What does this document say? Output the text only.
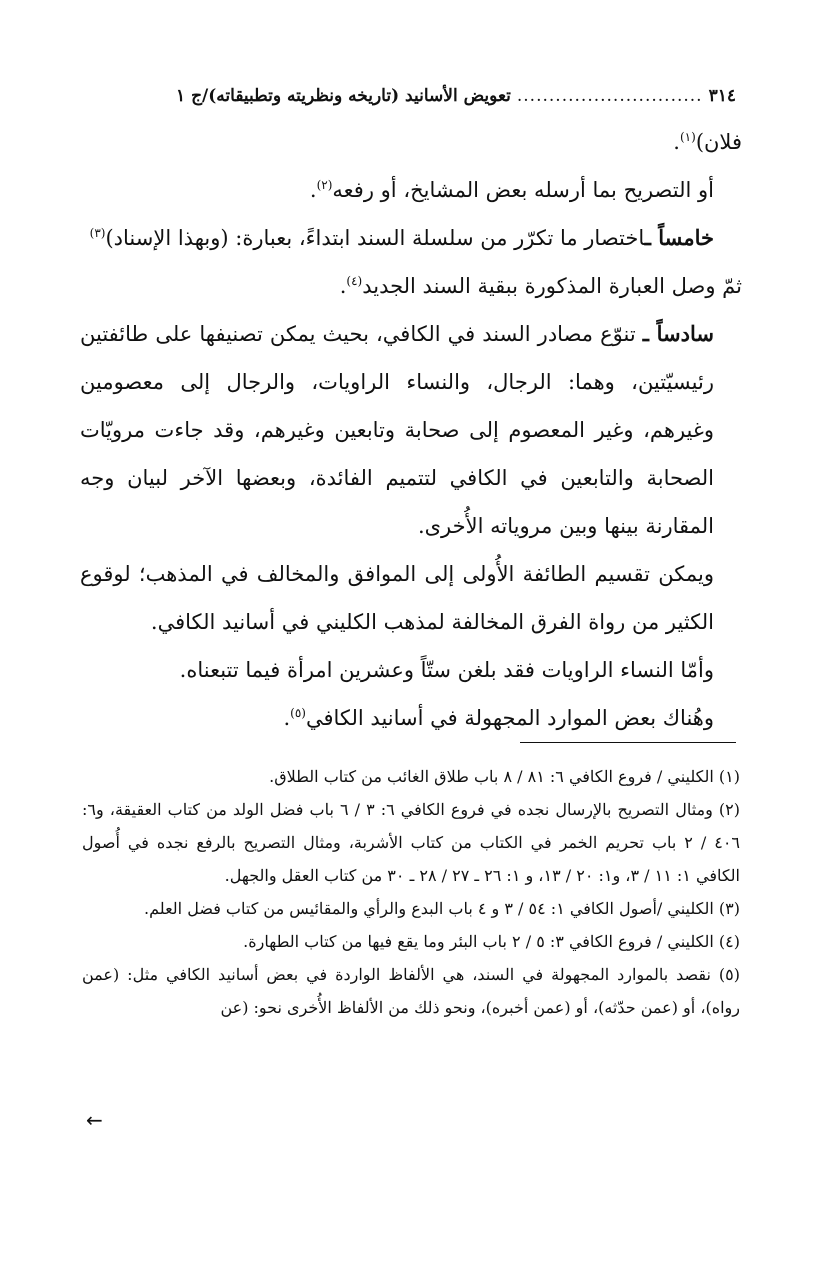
٣١٤
.............................
تعويض الأسانيد (تاريخه ونظريته وتطبيقاته)/ج ١

فلان)$^{(١)}$.

أو التصريح بما أرسله بعض المشايخ، أو رفعه$^{(٢)}$.

خامساً ـاختصار ما تكرّر من سلسلة السند ابتداءً، بعبارة: (وبهذا الإسناد)$^{(٣)}$

ثمّ وصل العبارة المذكورة ببقية السند الجديد$^{(٤)}$.

سادساً ـ تنوّع مصادر السند في الكافي، بحيث يمكن تصنيفها على طائفتين رئيسيّتين، وهما: الرجال، والنساء الراويات، والرجال إلى معصومين وغيرهم، وغير المعصوم إلى صحابة وتابعين وغيرهم، وقد جاءت مرويّات الصحابة والتابعين في الكافي لتتميم الفائدة، وبعضها الآخر لبيان وجه المقارنة بينها وبين مروياته الأُخرى.

ويمكن تقسيم الطائفة الأُولى إلى الموافق والمخالف في المذهب؛ لوقوع الكثير من رواة الفرق المخالفة لمذهب الكليني في أسانيد الكافي.

وأمّا النساء الراويات فقد بلغن ستّاً وعشرين امرأة فيما تتبعناه.

وهُناك بعض الموارد المجهولة في أسانيد الكافي$^{(٥)}$.

(١) الكليني / فروع الكافي ٦: ٨١ / ٨ باب طلاق الغائب من كتاب الطلاق.

(٢) ومثال التصريح بالإرسال نجده في فروع الكافي ٦: ٣ / ٦ باب فضل الولد من كتاب العقيقة، و٦: ٤٠٦ / ٢ باب تحريم الخمر في الكتاب من كتاب الأشربة، ومثال التصريح بالرفع نجده في أُصول الكافي ١: ١١ / ٣، و١: ٢٠ / ١٣، و ١: ٢٦ ـ ٢٧ / ٢٨ ـ ٣٠ من كتاب العقل والجهل.

(٣) الكليني /أصول الكافي ١: ٥٤ / ٣ و ٤ باب البدع والرأي والمقائيس من كتاب فضل العلم.

(٤) الكليني / فروع الكافي ٣: ٥ / ٢ باب البئر وما يقع فيها من كتاب الطهارة.

(٥) نقصد بالموارد المجهولة في السند، هي الألفاظ الواردة في بعض أسانيد الكافي مثل: (عمن رواه)، أو (عمن حدّثه)، أو (عمن أخبره)، ونحو ذلك من الألفاظ الأُخرى نحو: (عن

←
